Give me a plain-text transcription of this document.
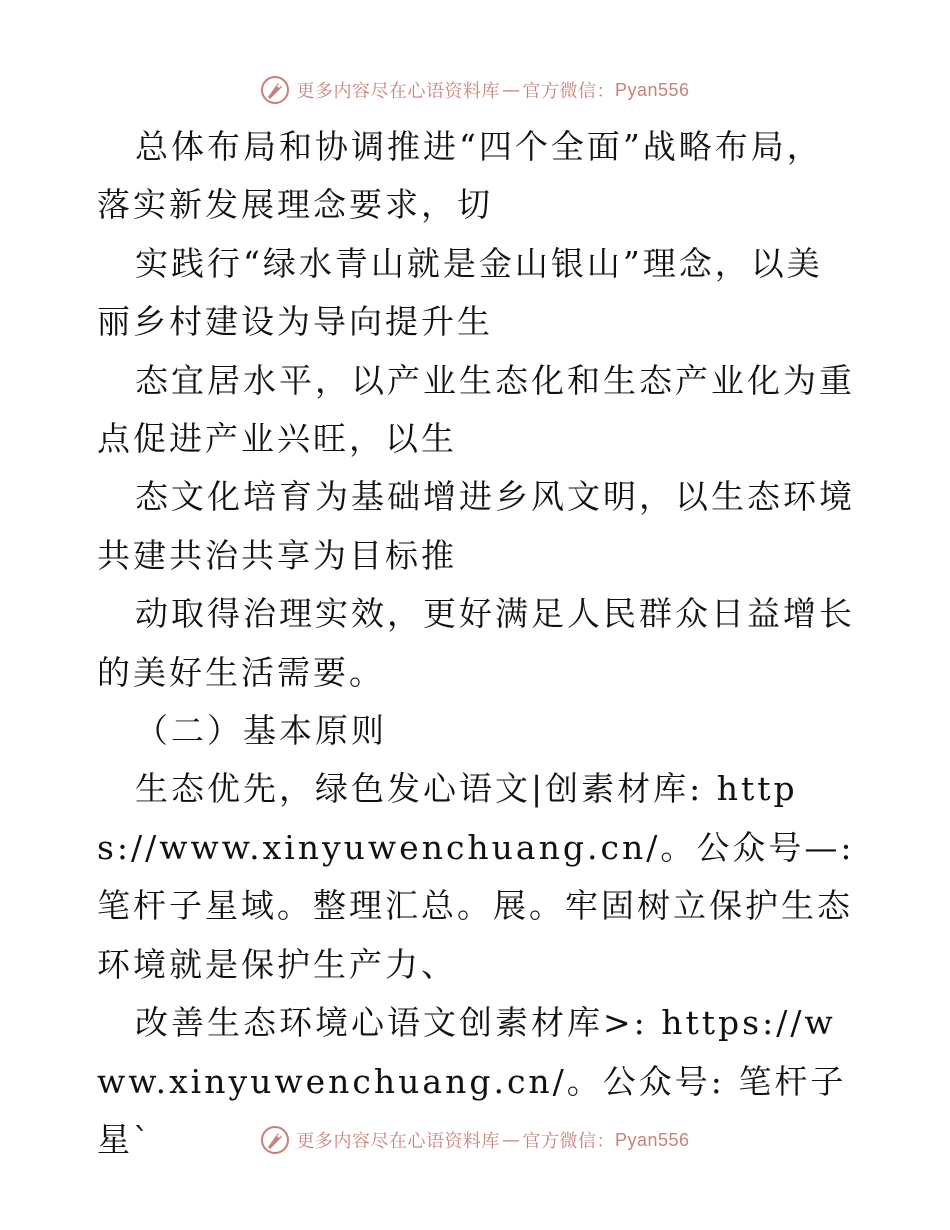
更多内容尽在心语资料库 — 官方微信： Pyan556

总体布局和协调推进“四个全面”战略布局，落实新发展理念要求，切

实践行“绿水青山就是金山银山”理念，以美丽乡村建设为导向提升生

态宜居水平，以产业生态化和生态产业化为重点促进产业兴旺，以生

态文化培育为基础增进乡风文明，以生态环境共建共治共享为目标推

动取得治理实效，更好满足人民群众日益增长的美好生活需要。

（二）基本原则

生态优先，绿色发心语文|创素材库: https://www.xinyuwenchuang.cn/。公众号—: 笔杆子星域。整理汇总。展。牢固树立保护生态环境就是保护生产力、

改善生态环境心语文创素材库>: https://www.xinyuwenchuang.cn/。公众号: 笔杆子星`	更多内容尽在心语资料库 — 官方微信： Pyan556
